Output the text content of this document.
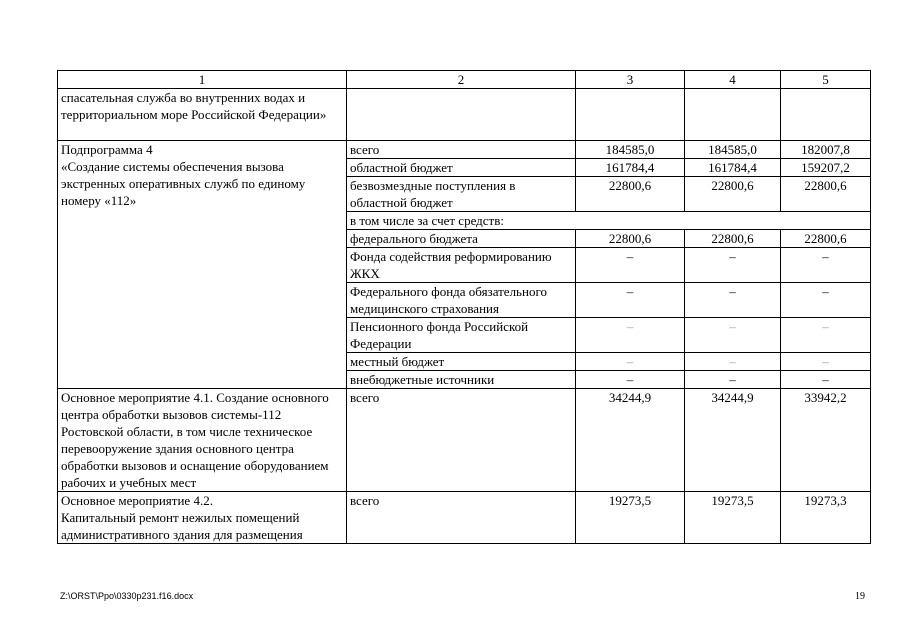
1	2	3	4	5
спасательная служба во внутренних водах и территориальном море Российской Федерации»				
Подпрограмма 4
«Создание системы обеспечения вызова экстренных оперативных служб по единому номеру «112»	всего	184585,0	184585,0	182007,8
	областной бюджет	161784,4	161784,4	159207,2
	безвозмездные поступления в областной бюджет	22800,6	22800,6	22800,6
	в том числе за счет средств:			
	федерального бюджета	22800,6	22800,6	22800,6
	Фонда содействия реформированию ЖКХ	–	–	–
	Федерального фонда обязательного медицинского страхования	–	–	–
	Пенсионного фонда Российской Федерации	–	–	–
	местный бюджет	–	–	–
	внебюджетные источники	–	–	–
Основное мероприятие 4.1. Создание основного центра обработки вызовов системы-112 Ростовской области, в том числе техническое перевооружение здания основного центра обработки вызовов и оснащение оборудованием рабочих и учебных мест	всего	34244,9	34244,9	33942,2
Основное мероприятие 4.2.
Капитальный ремонт нежилых помещений административного здания для размещения	всего	19273,5	19273,5	19273,3
Z:\ORST\Ppo\0330p231.f16.docx	19
